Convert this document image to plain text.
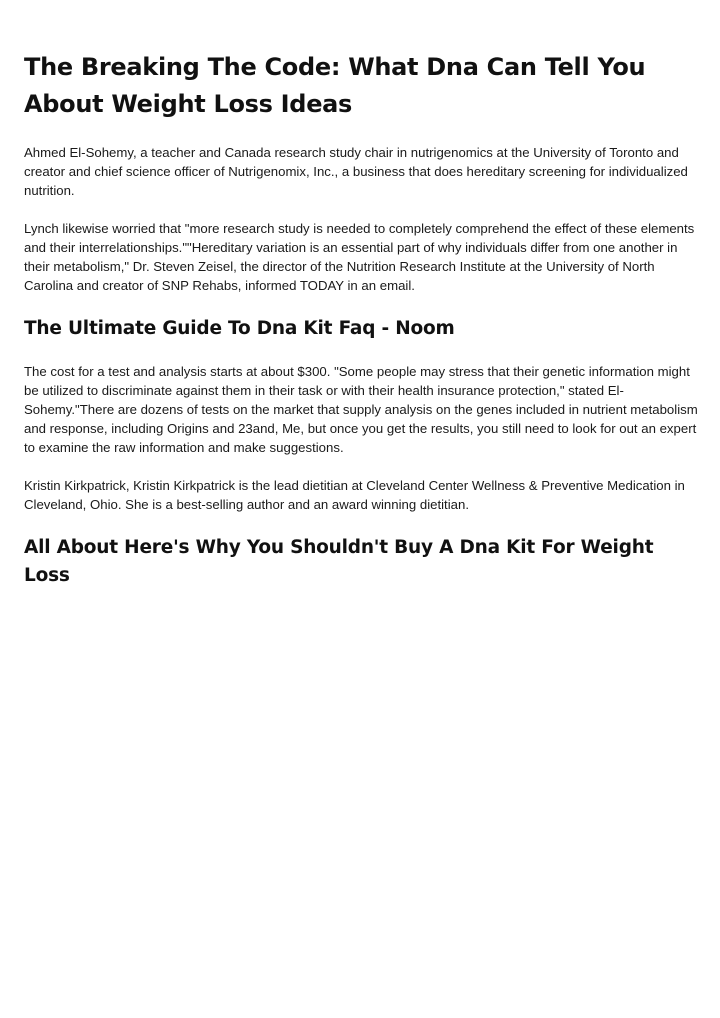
The Breaking The Code: What Dna Can Tell You About Weight Loss Ideas

Ahmed El-Sohemy, a teacher and Canada research study chair in nutrigenomics at the University of Toronto and creator and chief science officer of Nutrigenomix, Inc., a business that does hereditary screening for individualized nutrition.

Lynch likewise worried that "more research study is needed to completely comprehend the effect of these elements and their interrelationships.""Hereditary variation is an essential part of why individuals differ from one another in their metabolism," Dr. Steven Zeisel, the director of the Nutrition Research Institute at the University of North Carolina and creator of SNP Rehabs, informed TODAY in an email.

The Ultimate Guide To Dna Kit Faq - Noom

The cost for a test and analysis starts at about $300. "Some people may stress that their genetic information might be utilized to discriminate against them in their task or with their health insurance protection," stated El-Sohemy."There are dozens of tests on the market that supply analysis on the genes included in nutrient metabolism and response, including Origins and 23and, Me, but once you get the results, you still need to look for out an expert to examine the raw information and make suggestions.

Kristin Kirkpatrick, Kristin Kirkpatrick is the lead dietitian at Cleveland Center Wellness & Preventive Medication in Cleveland, Ohio. She is a best-selling author and an award winning dietitian.

All About Here's Why You Shouldn't Buy A Dna Kit For Weight Loss
